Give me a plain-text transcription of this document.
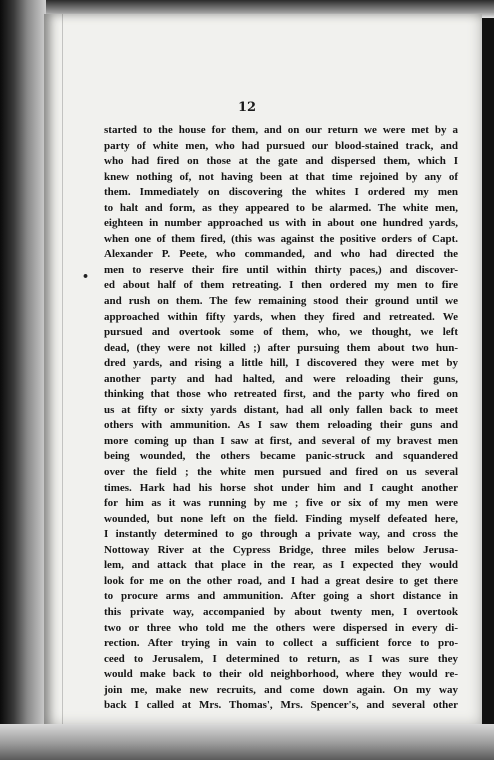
12
•
started to the house for them, and on our return we were met by a
party of white men, who had pursued our blood-stained track, and
who had fired on those at the gate and dispersed them, which I
knew nothing of, not having been at that time rejoined by any of
them. Immediately on discovering the whites I ordered my men
to halt and form, as they appeared to be alarmed. The white men,
eighteen in number approached us with in about one hundred yards,
when one of them fired, (this was against the positive orders of Capt.
Alexander P. Peete, who commanded, and who had directed the
men to reserve their fire until within thirty paces,) and discover-
ed about half of them retreating. I then ordered my men to fire
and rush on them. The few remaining stood their ground until we
approached within fifty yards, when they fired and retreated. We
pursued and overtook some of them, who, we thought, we left
dead, (they were not killed ;) after pursuing them about two hun-
dred yards, and rising a little hill, I discovered they were met by
another party and had halted, and were reloading their guns,
thinking that those who retreated first, and the party who fired on
us at fifty or sixty yards distant, had all only fallen back to meet
others with ammunition. As I saw them reloading their guns and
more coming up than I saw at first, and several of my bravest men
being wounded, the others became panic-struck and squandered
over the field ; the white men pursued and fired on us several
times. Hark had his horse shot under him and I caught another
for him as it was running by me ; five or six of my men were
wounded, but none left on the field. Finding myself defeated here,
I instantly determined to go through a private way, and cross the
Nottoway River at the Cypress Bridge, three miles below Jerusa-
lem, and attack that place in the rear, as I expected they would
look for me on the other road, and I had a great desire to get there
to procure arms and ammunition. After going a short distance in
this private way, accompanied by about twenty men, I overtook
two or three who told me the others were dispersed in every di-
rection. After trying in vain to collect a sufficient force to pro-
ceed to Jerusalem, I determined to return, as I was sure they
would make back to their old neighborhood, where they would re-
join me, make new recruits, and come down again. On my way
back I called at Mrs. Thomas', Mrs. Spencer's, and several other
